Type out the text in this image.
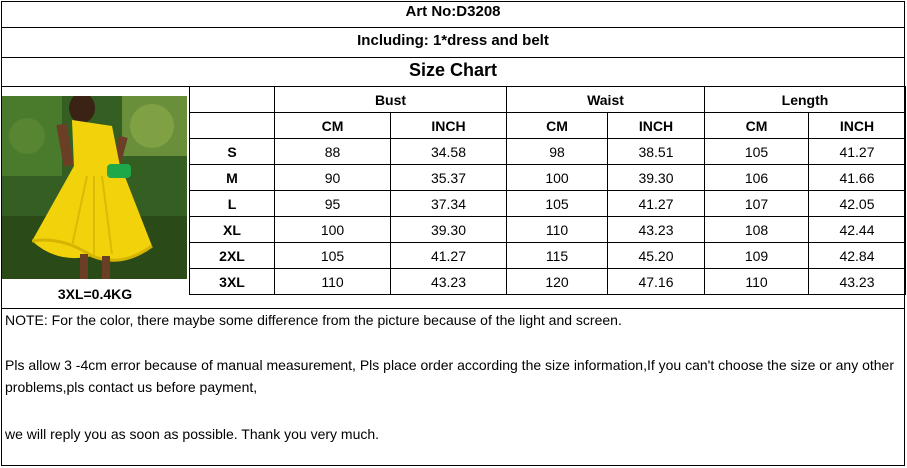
Art No:D3208
Including: 1*dress and belt
Size Chart
3XL=0.4KG
	Bust		Waist		Length	
	CM	INCH	CM	INCH	CM	INCH
S	88	34.58	98	38.51	105	41.27
M	90	35.37	100	39.30	106	41.66
L	95	37.34	105	41.27	107	42.05
XL	100	39.30	110	43.23	108	42.44
2XL	105	41.27	115	45.20	109	42.84
3XL	110	43.23	120	47.16	110	43.23
NOTE: For the color, there maybe some difference from the picture because of the light and screen.
Pls allow 3 -4cm error because of manual measurement, Pls place order according the size information,If you can't choose the size or any other problems,pls contact us before payment,
we will reply you as soon as possible. Thank you very much.
